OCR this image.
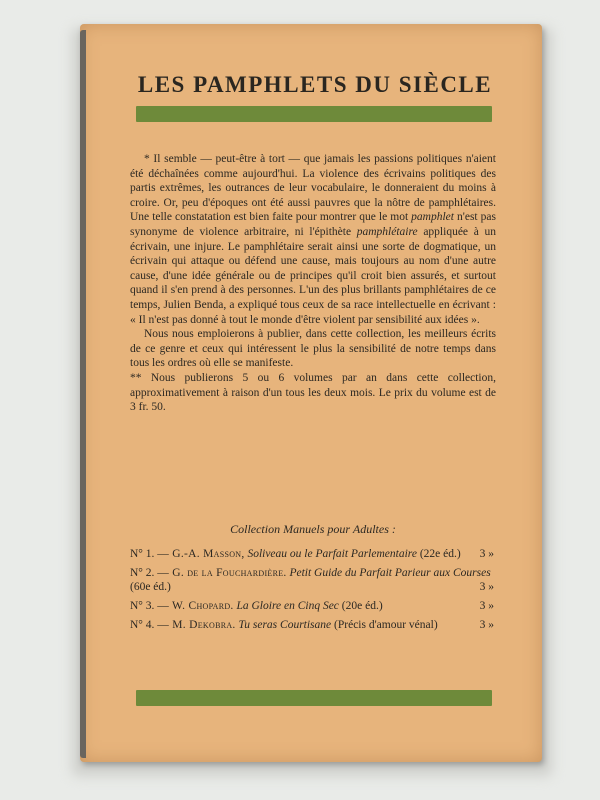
LES PAMPHLETS DU SIÈCLE

* Il semble — peut-être à tort — que jamais les passions politiques n'aient été déchaînées comme aujourd'hui. La violence des écrivains politiques des partis extrêmes, les outrances de leur vocabulaire, le donneraient du moins à croire. Or, peu d'époques ont été aussi pauvres que la nôtre de pamphlétaires. Une telle constatation est bien faite pour montrer que le mot pamphlet n'est pas synonyme de violence arbitraire, ni l'épithète pamphlétaire appliquée à un écrivain, une injure. Le pamphlétaire serait ainsi une sorte de dogmatique, un écrivain qui attaque ou défend une cause, mais toujours au nom d'une autre cause, d'une idée générale ou de principes qu'il croit bien assurés, et surtout quand il s'en prend à des personnes. L'un des plus brillants pamphlétaires de ce temps, Julien Benda, a expliqué tous ceux de sa race intellectuelle en écrivant : « Il n'est pas donné à tout le monde d'être violent par sensibilité aux idées ».

Nous nous emploierons à publier, dans cette collection, les meilleurs écrits de ce genre et ceux qui intéressent le plus la sensibilité de notre temps dans tous les ordres où elle se manifeste.

** Nous publierons 5 ou 6 volumes par an dans cette collection, approximativement à raison d'un tous les deux mois. Le prix du volume est de 3 fr. 50.

Collection Manuels pour Adultes :
N° 1. — G.-A. Masson, Soliveau ou le Parfait Parlementaire (22e éd.) 3 »
N° 2. — G. de la Fouchardière. Petit Guide du Parfait Parieur aux Courses (60e éd.)	3 »
N° 3. — W. Chopard. La Gloire en Cinq Sec (20e éd.)	3 »
N° 4. — M. Dekobra. Tu seras Courtisane (Précis d'amour vénal)	3 »
